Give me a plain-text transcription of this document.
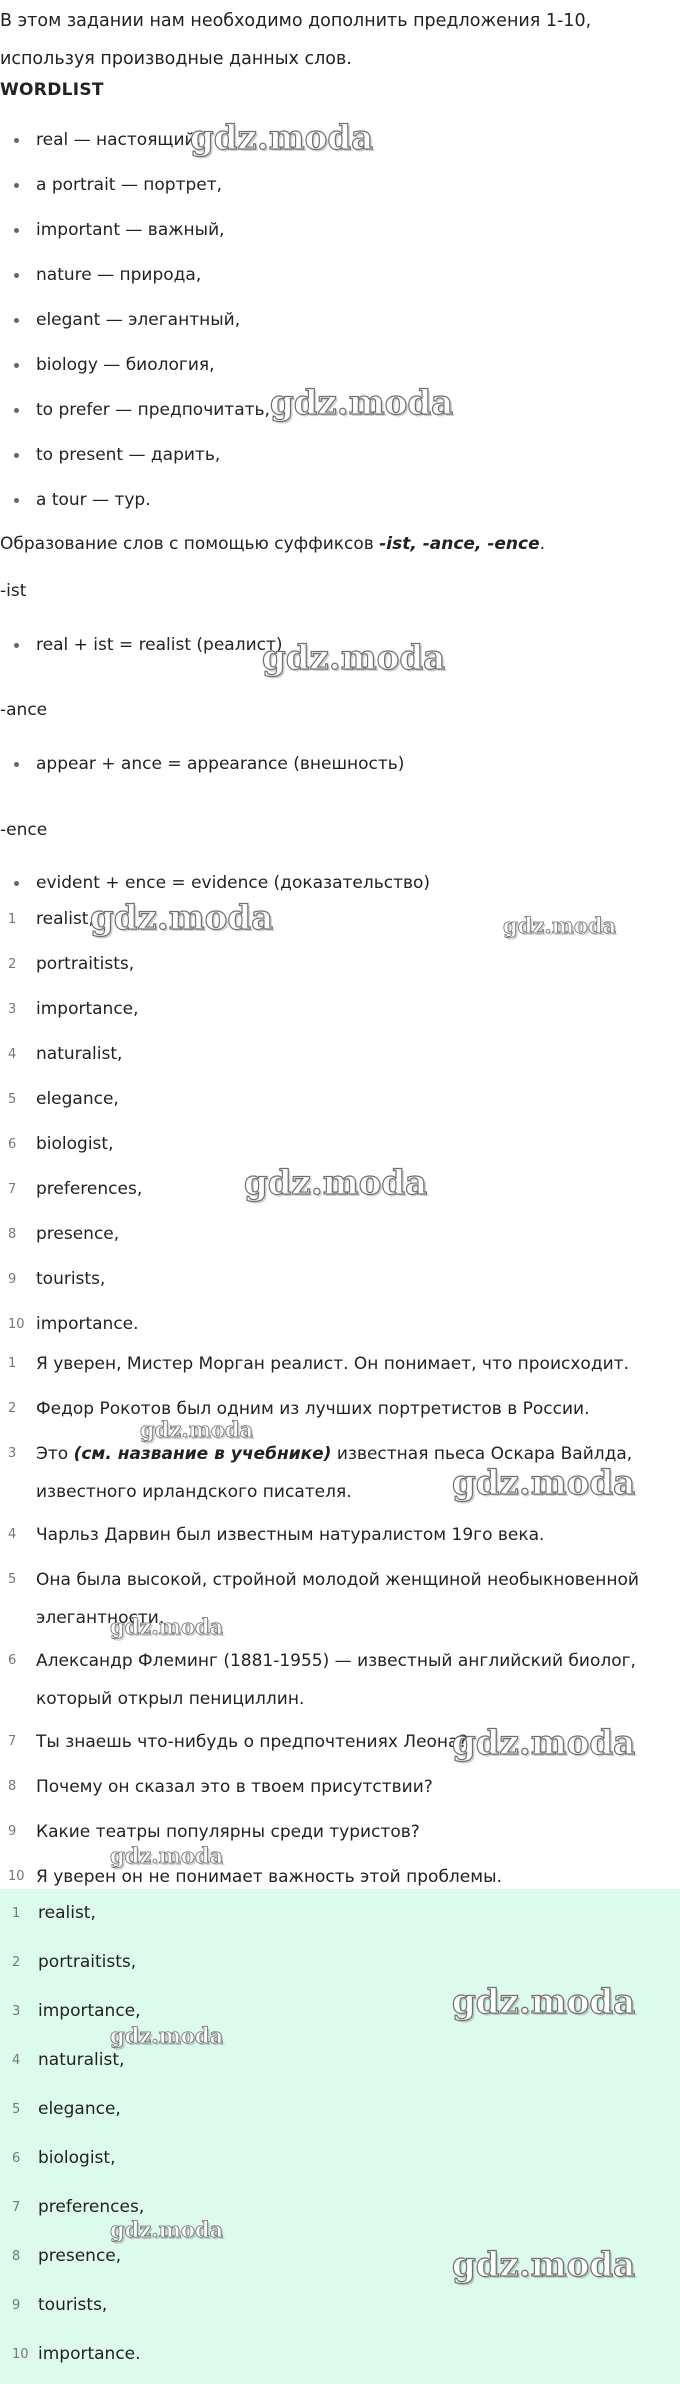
В этом задании нам необходимо дополнить предложения 1-10, используя производные данных слов.
WORDLIST
real — настоящий,
a portrait — портрет,
important — важный,
nature — природа,
elegant — элегантный,
biology — биология,
to prefer — предпочитать,
to present — дарить,
a tour — тур.
Образование слов с помощью суффиксов -ist, -ance, -ence.
-ist
real + ist = realist (реалист)
-ance
appear + ance = appearance (внешность)
-ence
evident + ence = evidence (доказательство)
1	realist,
2	portraitists,
3	importance,
4	naturalist,
5	elegance,
6	biologist,
7	preferences,
8	presence,
9	tourists,
10 importance.
1	Я уверен, Мистер Морган реалист. Он понимает, что происходит.
2	Федор Рокотов был одним из лучших портретистов в России.
3	Это (см. название в учебнике) известная пьеса Оскара Вайлда, известного ирландского писателя.
4	Чарльз Дарвин был известным натуралистом 19го века.
5	Она была высокой, стройной молодой женщиной необыкновенной элегантности.
6	Александр Флеминг (1881-1955) — известный английский биолог, который открыл пенициллин.
7	Ты знаешь что-нибудь о предпочтениях Леона?
8	Почему он сказал это в твоем присутствии?
9	Какие театры популярны среди туристов?
10 Я уверен он не понимает важность этой проблемы.
1	realist,
2	portraitists,
3	importance,
4	naturalist,
5	elegance,
6	biologist,
7	preferences,
8	presence,
9	tourists,
10 importance.
gdz.moda
gdz.moda
gdz.moda
gdz.moda	gdz.moda
gdz.moda
gdz.moda
gdz.moda
gdz.moda
gdz.moda
gdz.moda
gdz.moda
gdz.moda
gdz.moda
gdz.moda
